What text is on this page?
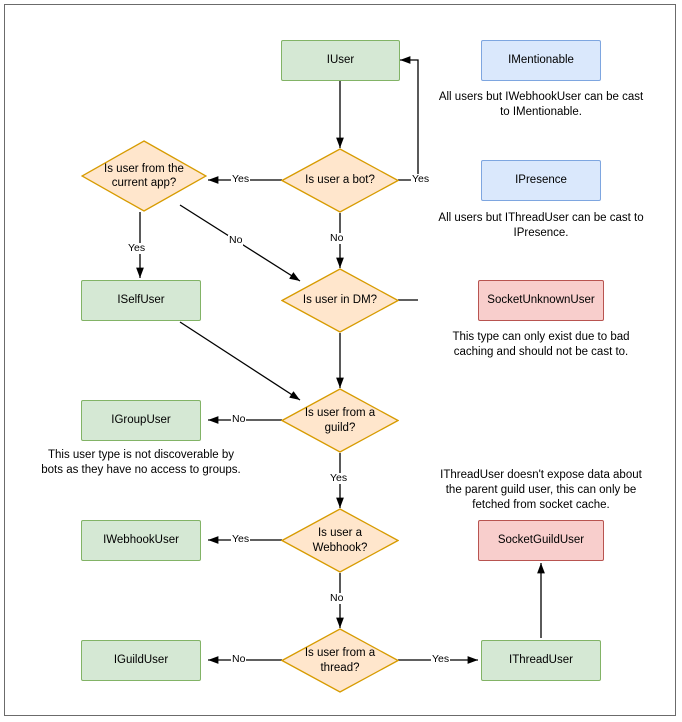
IUser
Is user a bot?
Is user from the current app?
ISelfUser	Is user in DM?
Is user from a guild?
IGroupUser
Is user a Webhook?
IWebhookUser
Is user from a thread?
IGuildUser	IThreadUser
IMentionable
IPresence
SocketUnknownUser
SocketGuildUser
Yes	Yes
No
Yes
No
No
Yes
Yes
No
No	Yes
All users but IWebhookUser can be cast to IMentionable.
All users but IThreadUser can be cast to IPresence.
This type can only exist due to bad caching and should not be cast to.
This user type is not discoverable by bots as they have no access to groups.	IThreadUser doesn't expose data about the parent guild user, this can only be fetched from socket cache.
